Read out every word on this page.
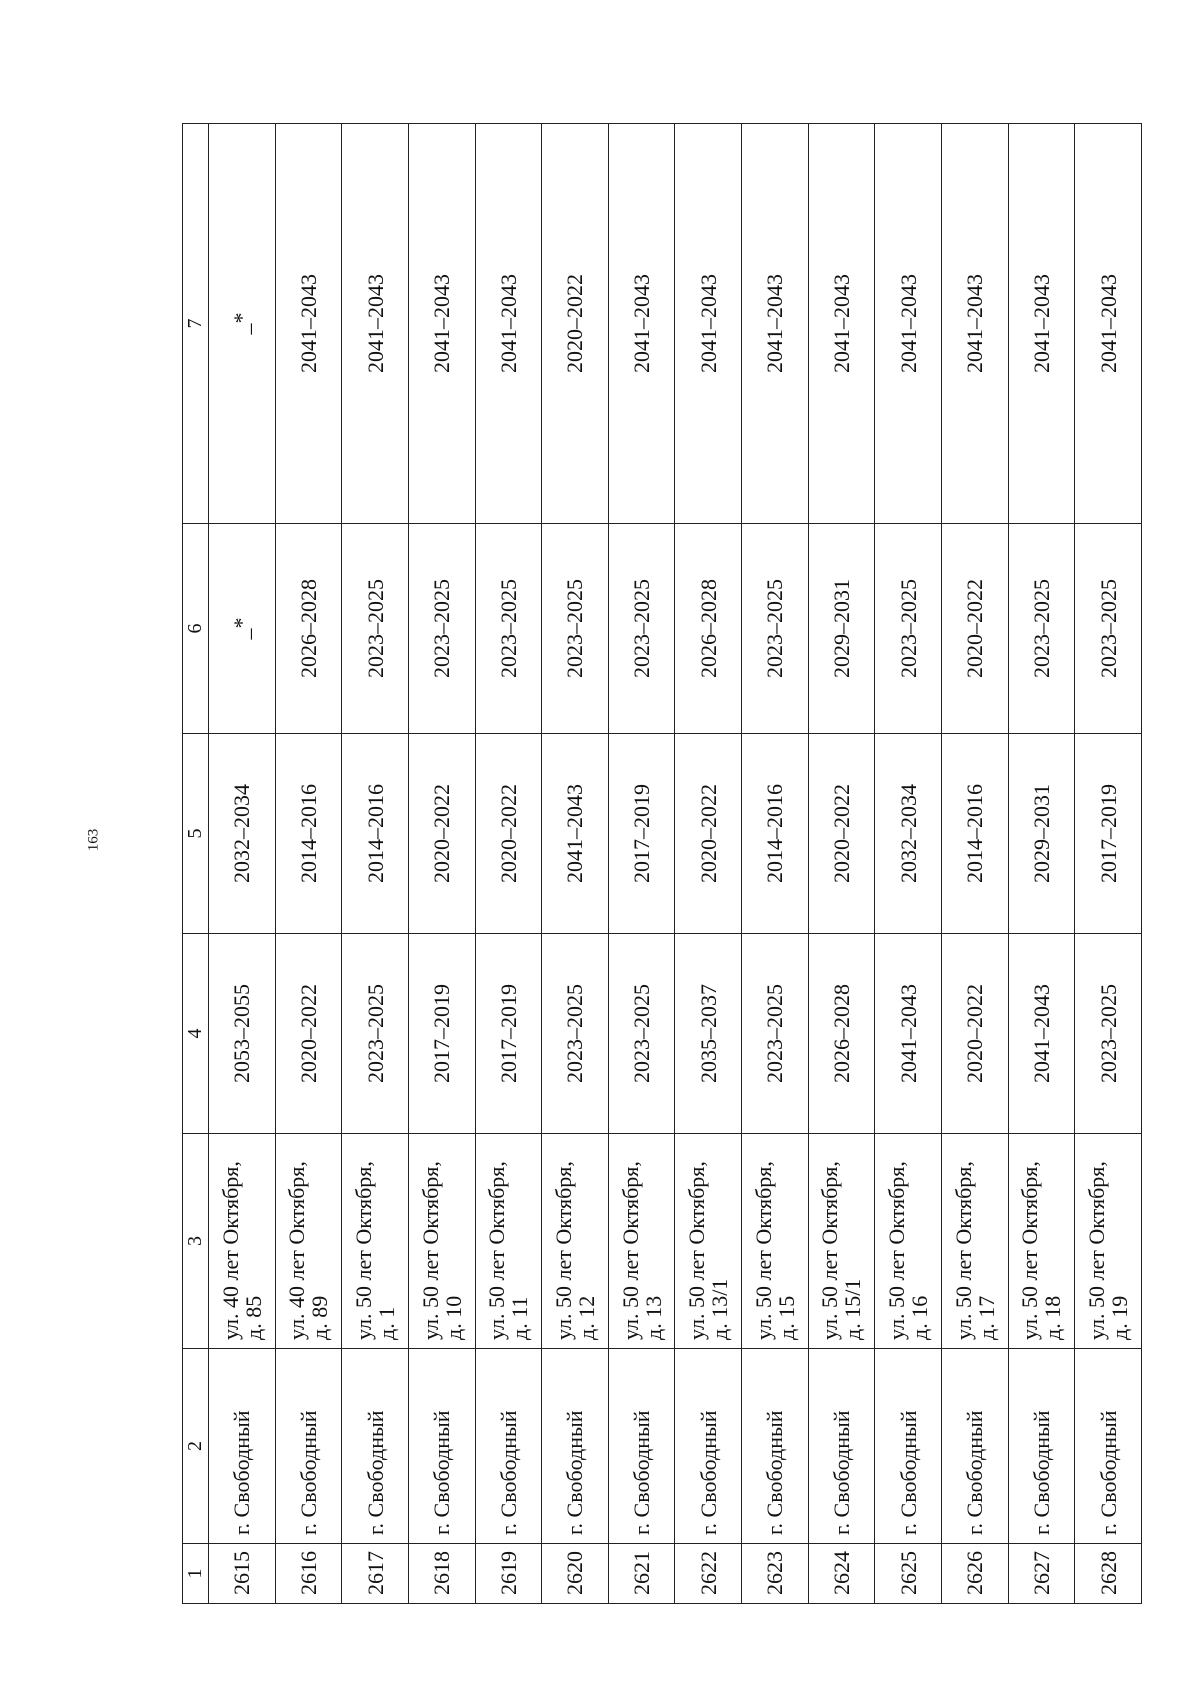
163
1	2	3	4	5	6	7
2615	г. Свободный	ул. 40 лет Октября, д. 85	2053–2055	2032–2034	_*	_*
2616	г. Свободный	ул. 40 лет Октября, д. 89	2020–2022	2014–2016	2026–2028	2041–2043
2617	г. Свободный	ул. 50 лет Октября, д. 1	2023–2025	2014–2016	2023–2025	2041–2043
2618	г. Свободный	ул. 50 лет Октября, д. 10	2017–2019	2020–2022	2023–2025	2041–2043
2619	г. Свободный	ул. 50 лет Октября, д. 11	2017–2019	2020–2022	2023–2025	2041–2043
2620	г. Свободный	ул. 50 лет Октября, д. 12	2023–2025	2041–2043	2023–2025	2020–2022
2621	г. Свободный	ул. 50 лет Октября, д. 13	2023–2025	2017–2019	2023–2025	2041–2043
2622	г. Свободный	ул. 50 лет Октября, д. 13/1	2035–2037	2020–2022	2026–2028	2041–2043
2623	г. Свободный	ул. 50 лет Октября, д. 15	2023–2025	2014–2016	2023–2025	2041–2043
2624	г. Свободный	ул. 50 лет Октября, д. 15/1	2026–2028	2020–2022	2029–2031	2041–2043
2625	г. Свободный	ул. 50 лет Октября, д. 16	2041–2043	2032–2034	2023–2025	2041–2043
2626	г. Свободный	ул. 50 лет Октября, д. 17	2020–2022	2014–2016	2020–2022	2041–2043
2627	г. Свободный	ул. 50 лет Октября, д. 18	2041–2043	2029–2031	2023–2025	2041–2043
2628	г. Свободный	ул. 50 лет Октября, д. 19	2023–2025	2017–2019	2023–2025	2041–2043
